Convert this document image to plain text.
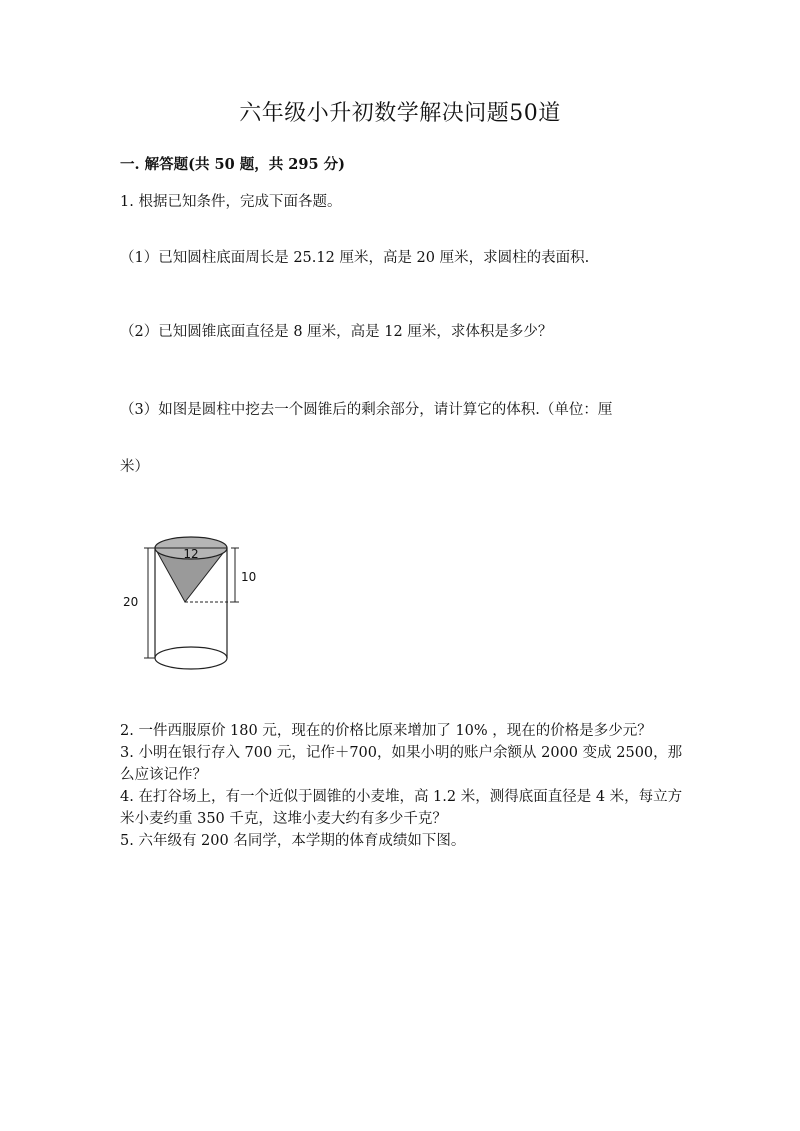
六年级小升初数学解决问题50道
一. 解答题(共 50 题，共 295 分)
1. 根据已知条件，完成下面各题。
（1）已知圆柱底面周长是 25.12 厘米，高是 20 厘米，求圆柱的表面积.
（2）已知圆锥底面直径是 8 厘米，高是 12 厘米，求体积是多少？
（3）如图是圆柱中挖去一个圆锥后的剩余部分，请计算它的体积.（单位：厘
米）
12
10
20

2. 一件西服原价 180 元，现在的价格比原来增加了 10% ，现在的价格是多少元？

3. 小明在银行存入 700 元，记作＋700，如果小明的账户余额从 2000 变成 2500，那么应该记作？

4. 在打谷场上，有一个近似于圆锥的小麦堆，高 1.2 米，测得底面直径是 4 米，每立方米小麦约重 350 千克，这堆小麦大约有多少千克？

5. 六年级有 200 名同学，本学期的体育成绩如下图。
